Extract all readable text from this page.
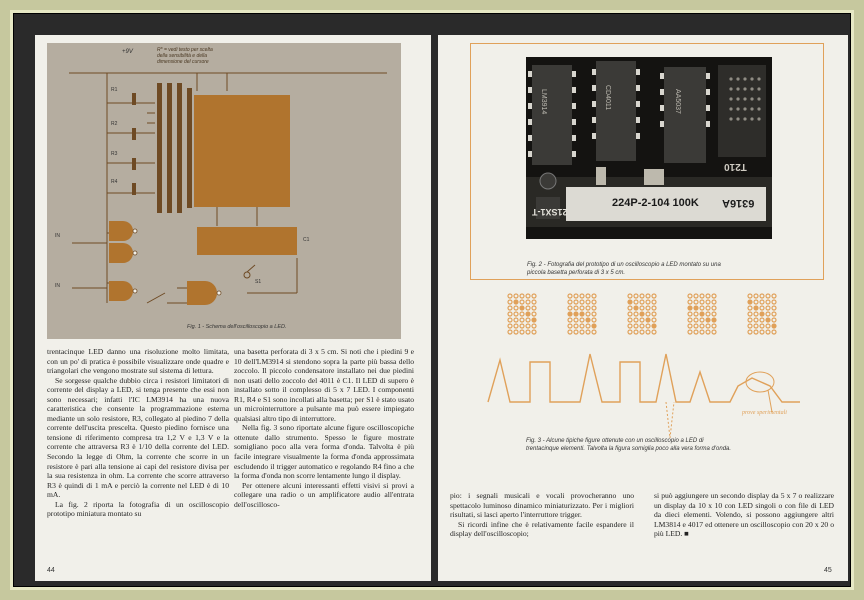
+9V	R* = vedi testo per scelta
della sensibilità e della
dimensione del cursore
IN
IN
R1
R2
R3
R4
C1
S1
Fig. 1 - Schema dell'oscilloscopio a LED.

trentacinque LED danno una risoluzione molto limitata, con un po' di pratica è possibile visualizzare onde quadre e triangolari che vengono mostrate sul sistema di lettura.

Se sorgesse qualche dubbio circa i resistori limitatori di corrente del display a LED, si tenga presente che essi non sono necessari; infatti l'IC LM3914 ha una nuova caratteristica che consente la programmazione esterna mediante un solo resistore, R3, collegato al piedino 7 della corrente dell'uscita prescelta. Questo piedino fornisce una tensione di riferimento compresa tra 1,2 V e 1,3 V e la corrente che attraversa R3 è 1/10 della corrente del LED. Secondo la legge di Ohm, la corrente che scorre in un resistore è pari alla tensione ai capi del resistore divisa per la sua resistenza in ohm. La corrente che scorre attraverso R3 è quindi di 1 mA e perciò la corrente nel LED è di 10 mA.

La fig. 2 riporta la fotografia di un oscilloscopio prototipo miniatura montato su

una basetta perforata di 3 x 5 cm. Si noti che i piedini 9 e 10 dell'LM3914 si stendono sopra la parte più bassa dello zoccolo. Il piccolo condensatore installato nei due piedini non usati dello zoccolo del 4011 è C1. Il LED di supero è installato sotto il complesso di 5 x 7 LED. I componenti R1, R4 e S1 sono incollati alla basetta; per S1 è stato usato un microinterruttore a pulsante ma può essere impiegato qualsiasi altro tipo di interruttore.

Nella fig. 3 sono riportate alcune figure oscilloscopiche ottenute dallo strumento. Spesso le figure mostrate somigliano poco alla vera forma d'onda. Talvolta è più facile integrare visualmente la forma d'onda approssimata escludendo il trigger automatico e regolando R4 fino a che la forma d'onda non scorre lentamente lungo il display.

Per ottenere alcuni interessanti effetti visivi si provi a collegare una radio o un amplificatore audio all'entrata dell'oscillosco-

44
Fig. 2 - Fotografia del prototipo di un oscilloscopio a LED montato su una
piccola basetta perforata di 3 x 5 cm.
LM3914	CD4011	AA5037
21SX1-T
224P-2-104 100K 6316A
T210
prove sperimentali
Fig. 3 - Alcune tipiche figure ottenute con un oscilloscopio a LED di
trentacinque elementi. Talvolta la figura somiglia poco alla vera forma d'onda.

pio: i segnali musicali e vocali provocheranno uno spettacolo luminoso dinamico miniaturizzato. Per i migliori risultati, si lasci aperto l'interruttore trigger.

Si ricordi infine che è relativamente facile espandere il display dell'oscilloscopio;

si può aggiungere un secondo display da 5 x 7 o realizzare un display da 10 x 10 con LED singoli o con file di LED da dieci elementi. Volendo, si possono aggiungere altri LM3814 e 4017 ed ottenere un oscilloscopio con 20 x 20 o più LED. ■

45
